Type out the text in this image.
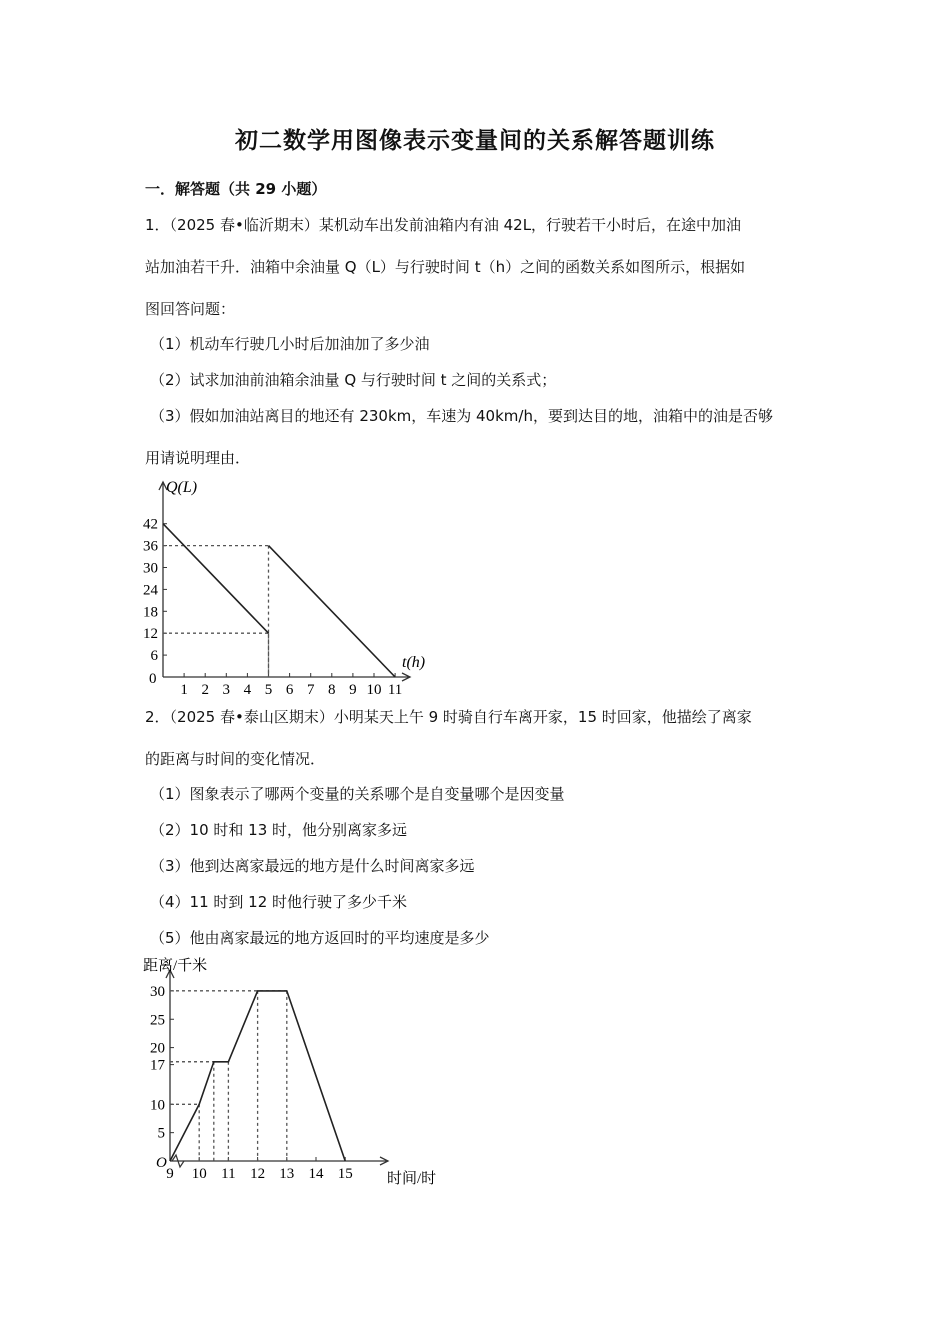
初二数学用图像表示变量间的关系解答题训练
一．解答题（共 29 小题）
1．（2025 春•临沂期末）某机动车出发前油箱内有油 42L，行驶若干小时后，在途中加油
站加油若干升．油箱中余油量 Q（L）与行驶时间 t（h）之间的函数关系如图所示，根据如
图回答问题：
（1）机动车行驶几小时后加油加了多少油
（2）试求加油前油箱余油量 Q 与行驶时间 t 之间的关系式；
（3）假如加油站离目的地还有 230km，车速为 40km/h，要到达目的地，油箱中的油是否够
用请说明理由．
Q(L)
t(h)
0
1 2 3 4 5 6 7 8 9 10 11
6
12
18
24
30
36
42
距离/千米
时间/时
O
9 10 11 12 13 14 15
5
10
17
20
25
30
2．（2025 春•泰山区期末）小明某天上午 9 时骑自行车离开家，15 时回家，他描绘了离家
的距离与时间的变化情况．
（1）图象表示了哪两个变量的关系哪个是自变量哪个是因变量
（2）10 时和 13 时，他分别离家多远
（3）他到达离家最远的地方是什么时间离家多远
（4）11 时到 12 时他行驶了多少千米
（5）他由离家最远的地方返回时的平均速度是多少
